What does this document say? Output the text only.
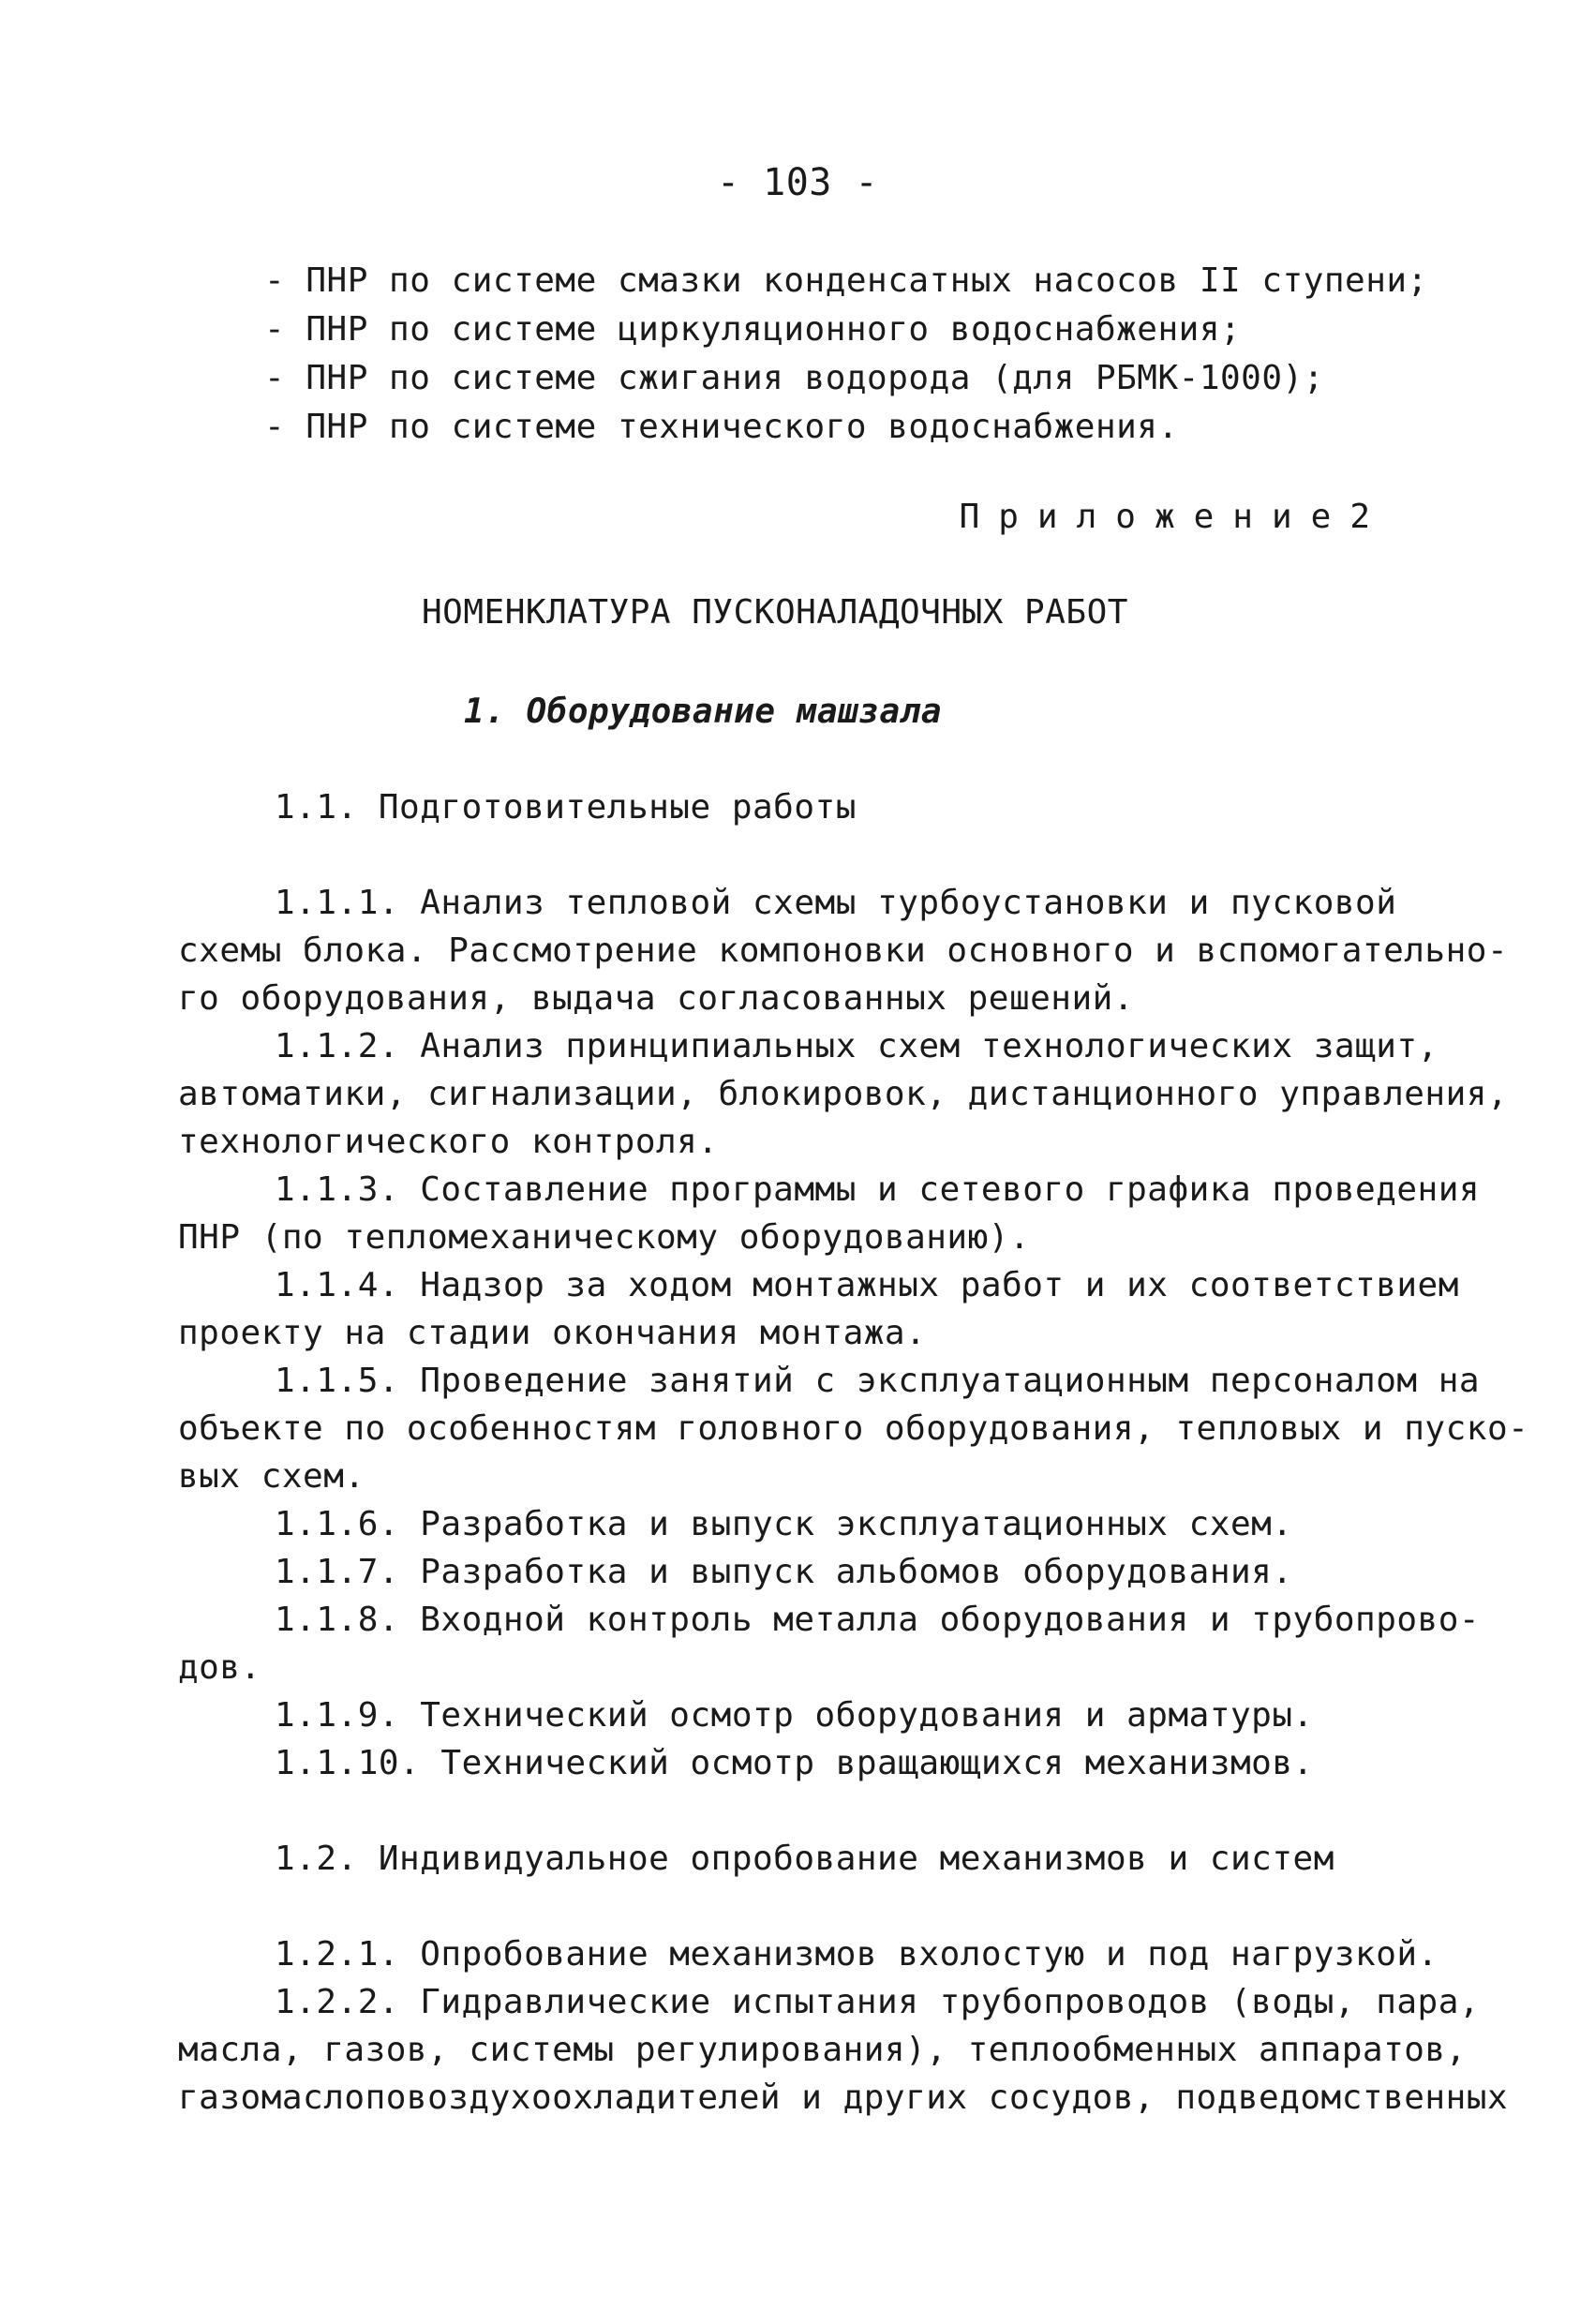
- 103 -
- ПНР по системе смазки конденсатных насосов II ступени;
- ПНР по системе циркуляционного водоснабжения;
- ПНР по системе сжигания водорода (для РБМК-1000);
- ПНР по системе технического водоснабжения.
Приложение2
НОМЕНКЛАТУРА ПУСКОНАЛАДОЧНЫХ РАБОТ
1. Оборудование машзала
1.1. Подготовительные работы
1.1.1. Анализ тепловой схемы турбоустановки и пусковой
схемы блока. Рассмотрение компоновки основного и вспомогательно-
го оборудования, выдача согласованных решений.
1.1.2. Анализ принципиальных схем технологических защит,
автоматики, сигнализации, блокировок, дистанционного управления,
технологического контроля.
1.1.3. Составление программы и сетевого графика проведения
ПНР (по тепломеханическому оборудованию).
1.1.4. Надзор за ходом монтажных работ и их соответствием
проекту на стадии окончания монтажа.
1.1.5. Проведение занятий с эксплуатационным персоналом на
объекте по особенностям головного оборудования, тепловых и пуско-
вых схем.
1.1.6. Разработка и выпуск эксплуатационных схем.
1.1.7. Разработка и выпуск альбомов оборудования.
1.1.8. Входной контроль металла оборудования и трубопрово-
дов.
1.1.9. Технический осмотр оборудования и арматуры.
1.1.10. Технический осмотр вращающихся механизмов.
1.2. Индивидуальное опробование механизмов и систем
1.2.1. Опробование механизмов вхолостую и под нагрузкой.
1.2.2. Гидравлические испытания трубопроводов (воды, пара,
масла, газов, системы регулирования), теплообменных аппаратов,
газомаслоповоздухоохладителей и других сосудов, подведомственных
